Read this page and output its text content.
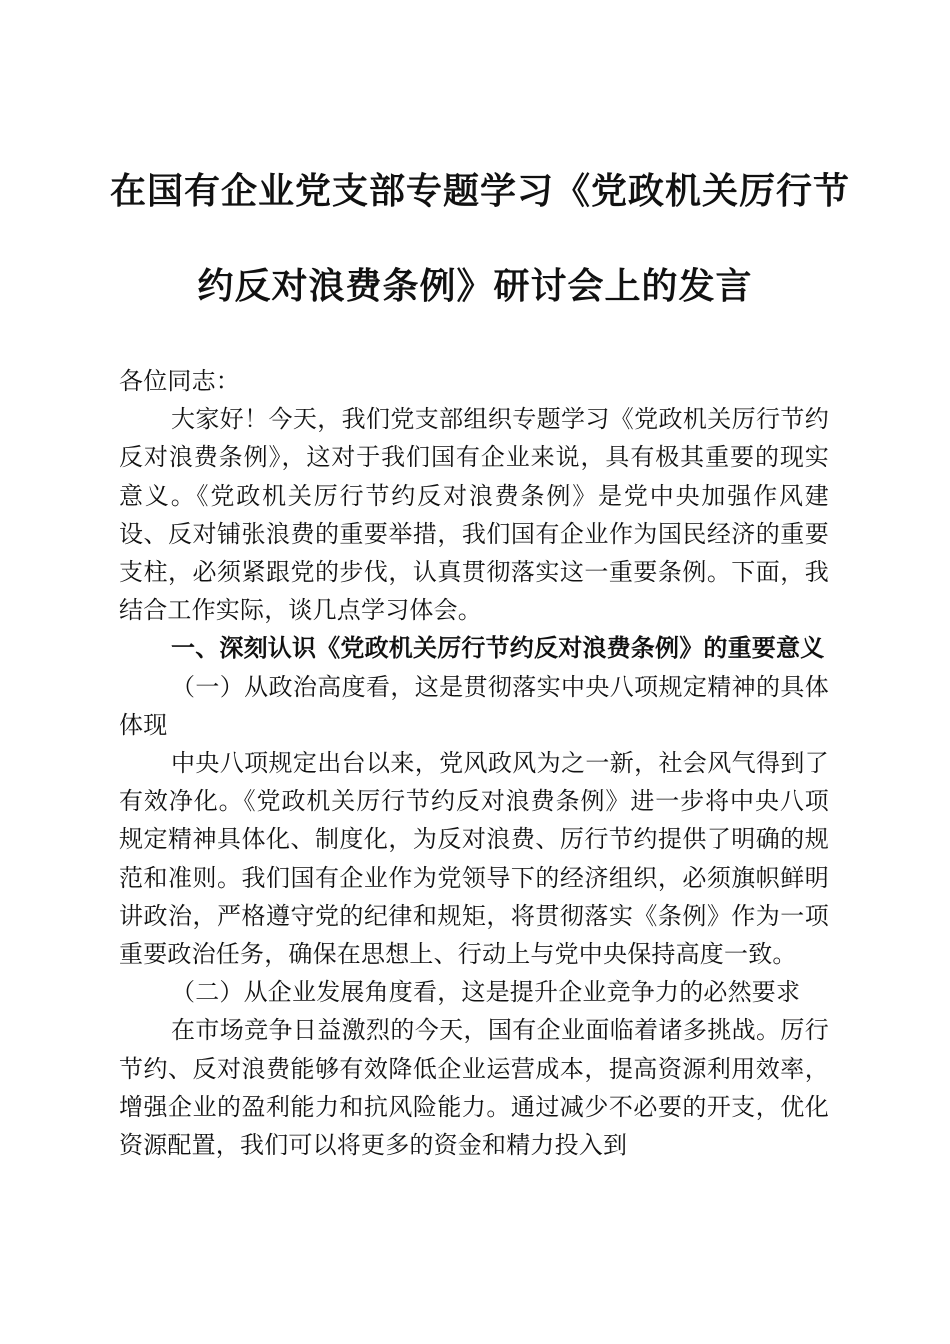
在国有企业党支部专题学习《党政机关厉行节
约反对浪费条例》研讨会上的发言

各位同志：

大家好！今天，我们党支部组织专题学习《党政机关厉行节约反对浪费条例》，这对于我们国有企业来说，具有极其重要的现实意义。《党政机关厉行节约反对浪费条例》是党中央加强作风建设、反对铺张浪费的重要举措，我们国有企业作为国民经济的重要支柱，必须紧跟党的步伐，认真贯彻落实这一重要条例。下面，我结合工作实际，谈几点学习体会。

一、深刻认识《党政机关厉行节约反对浪费条例》的重要意义

（一）从政治高度看，这是贯彻落实中央八项规定精神的具体体现

中央八项规定出台以来，党风政风为之一新，社会风气得到了有效净化。《党政机关厉行节约反对浪费条例》进一步将中央八项规定精神具体化、制度化，为反对浪费、厉行节约提供了明确的规范和准则。我们国有企业作为党领导下的经济组织，必须旗帜鲜明讲政治，严格遵守党的纪律和规矩，将贯彻落实《条例》作为一项重要政治任务，确保在思想上、行动上与党中央保持高度一致。

（二）从企业发展角度看，这是提升企业竞争力的必然要求

在市场竞争日益激烈的今天，国有企业面临着诸多挑战。厉行节约、反对浪费能够有效降低企业运营成本，提高资源利用效率，增强企业的盈利能力和抗风险能力。通过减少不必要的开支，优化资源配置，我们可以将更多的资金和精力投入到
